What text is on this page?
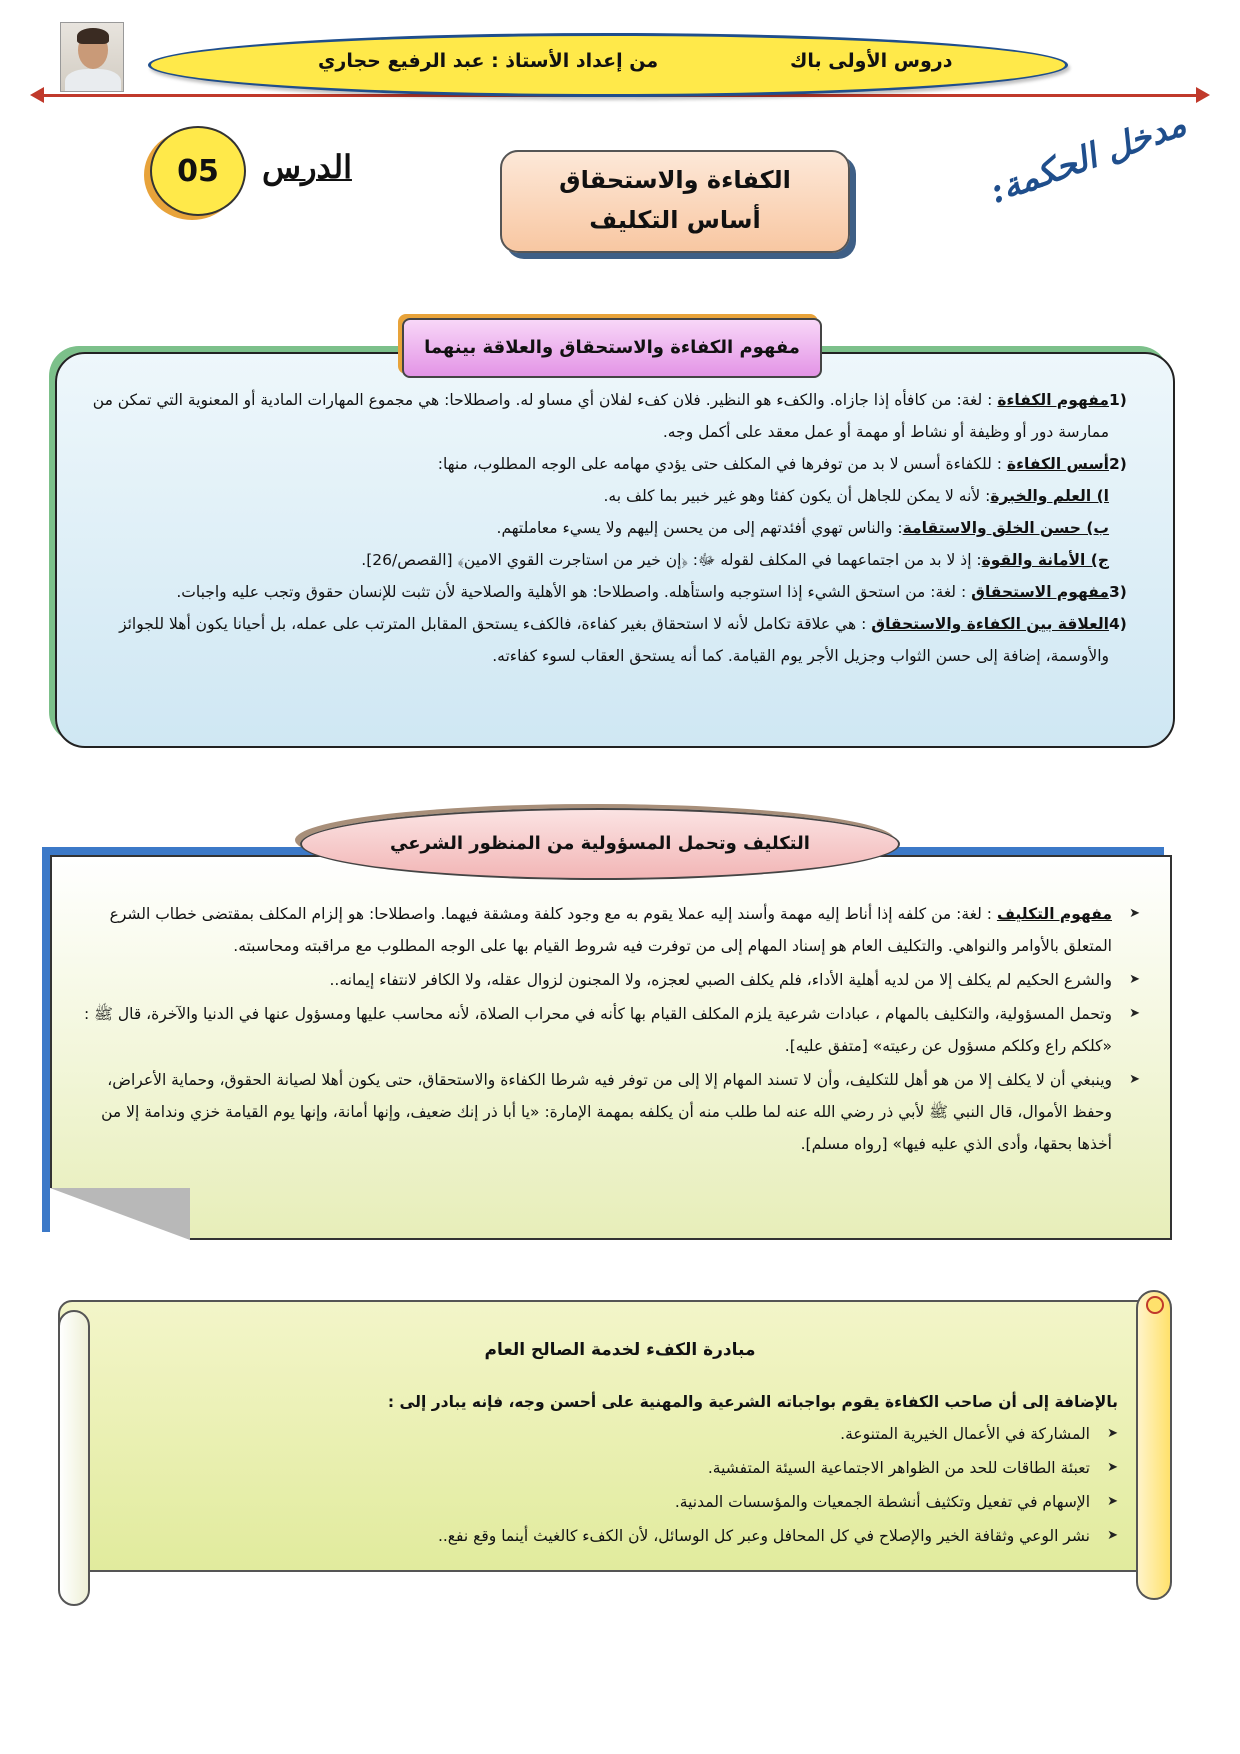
دروس الأولى باك
من إعداد الأستاذ : عبد الرفيع حجاري
05	الدرس	الكفاءة والاستحقاق
أساس التكليف
مدخل الحكمة:
مفهوم الكفاءة والاستحقاق والعلاقة بينهما
1)
مفهوم الكفاءة : لغة: من كافأه إذا جازاه. والكفء هو النظير. فلان كفء لفلان أي مساو له. واصطلاحا: هي مجموع المهارات المادية أو المعنوية التي تمكن من ممارسة دور أو وظيفة أو نشاط أو مهمة أو عمل معقد على أكمل وجه.
2)
أسس الكفاءة : للكفاءة أسس لا بد من توفرها في المكلف حتى يؤدي مهامه على الوجه المطلوب، منها:
ا) العلم والخبرة: لأنه لا يمكن للجاهل أن يكون كفئا وهو غير خبير بما كلف به.
ب) حسن الخلق والاستقامة: والناس تهوي أفئدتهم إلى من يحسن إليهم ولا يسيء معاملتهم.
ج) الأمانة والقوة: إذ لا بد من اجتماعهما في المكلف لقوله ﷻ: ﴿إن خير من استاجرت القوي الامين﴾ [القصص/26].
3)
مفهوم الاستحقاق : لغة: من استحق الشيء إذا استوجبه واستأهله. واصطلاحا: هو الأهلية والصلاحية لأن تثبت للإنسان حقوق وتجب عليه واجبات.
4)
العلاقة بين الكفاءة والاستحقاق : هي علاقة تكامل لأنه لا استحقاق بغير كفاءة، فالكفء يستحق المقابل المترتب على عمله، بل أحيانا يكون أهلا للجوائز والأوسمة، إضافة إلى حسن الثواب وجزيل الأجر يوم القيامة. كما أنه يستحق العقاب لسوء كفاءته.
التكليف وتحمل المسؤولية من المنظور الشرعي
➤
مفهوم التكليف : لغة: من كلفه إذا أناط إليه مهمة وأسند إليه عملا يقوم به مع وجود كلفة ومشقة فيهما. واصطلاحا: هو إلزام المكلف بمقتضى خطاب الشرع المتعلق بالأوامر والنواهي. والتكليف العام هو إسناد المهام إلى من توفرت فيه شروط القيام بها على الوجه المطلوب مع مراقبته ومحاسبته.
➤
والشرع الحكيم لم يكلف إلا من لديه أهلية الأداء، فلم يكلف الصبي لعجزه، ولا المجنون لزوال عقله، ولا الكافر لانتفاء إيمانه..
➤
وتحمل المسؤولية، والتكليف بالمهام ، عبادات شرعية يلزم المكلف القيام بها كأنه في محراب الصلاة، لأنه محاسب عليها ومسؤول عنها في الدنيا والآخرة، قال ﷺ : «كلكم راع وكلكم مسؤول عن رعيته» [متفق عليه].
➤
وينبغي أن لا يكلف إلا من هو أهل للتكليف، وأن لا تسند المهام إلا إلى من توفر فيه شرطا الكفاءة والاستحقاق، حتى يكون أهلا لصيانة الحقوق، وحماية الأعراض، وحفظ الأموال، قال النبي ﷺ لأبي ذر رضي الله عنه لما طلب منه أن يكلفه بمهمة الإمارة: «يا أبا ذر إنك ضعيف، وإنها أمانة، وإنها يوم القيامة خزي وندامة إلا من أخذها بحقها، وأدى الذي عليه فيها» [رواه مسلم].
مبادرة الكفء لخدمة الصالح العام
بالإضافة إلى أن صاحب الكفاءة يقوم بواجباته الشرعية والمهنية على أحسن وجه، فإنه يبادر إلى :
➤
المشاركة في الأعمال الخيرية المتنوعة.
➤
تعبئة الطاقات للحد من الظواهر الاجتماعية السيئة المتفشية.
➤
الإسهام في تفعيل وتكثيف أنشطة الجمعيات والمؤسسات المدنية.
➤
نشر الوعي وثقافة الخير والإصلاح في كل المحافل وعبر كل الوسائل، لأن الكفء كالغيث أينما وقع نفع..
